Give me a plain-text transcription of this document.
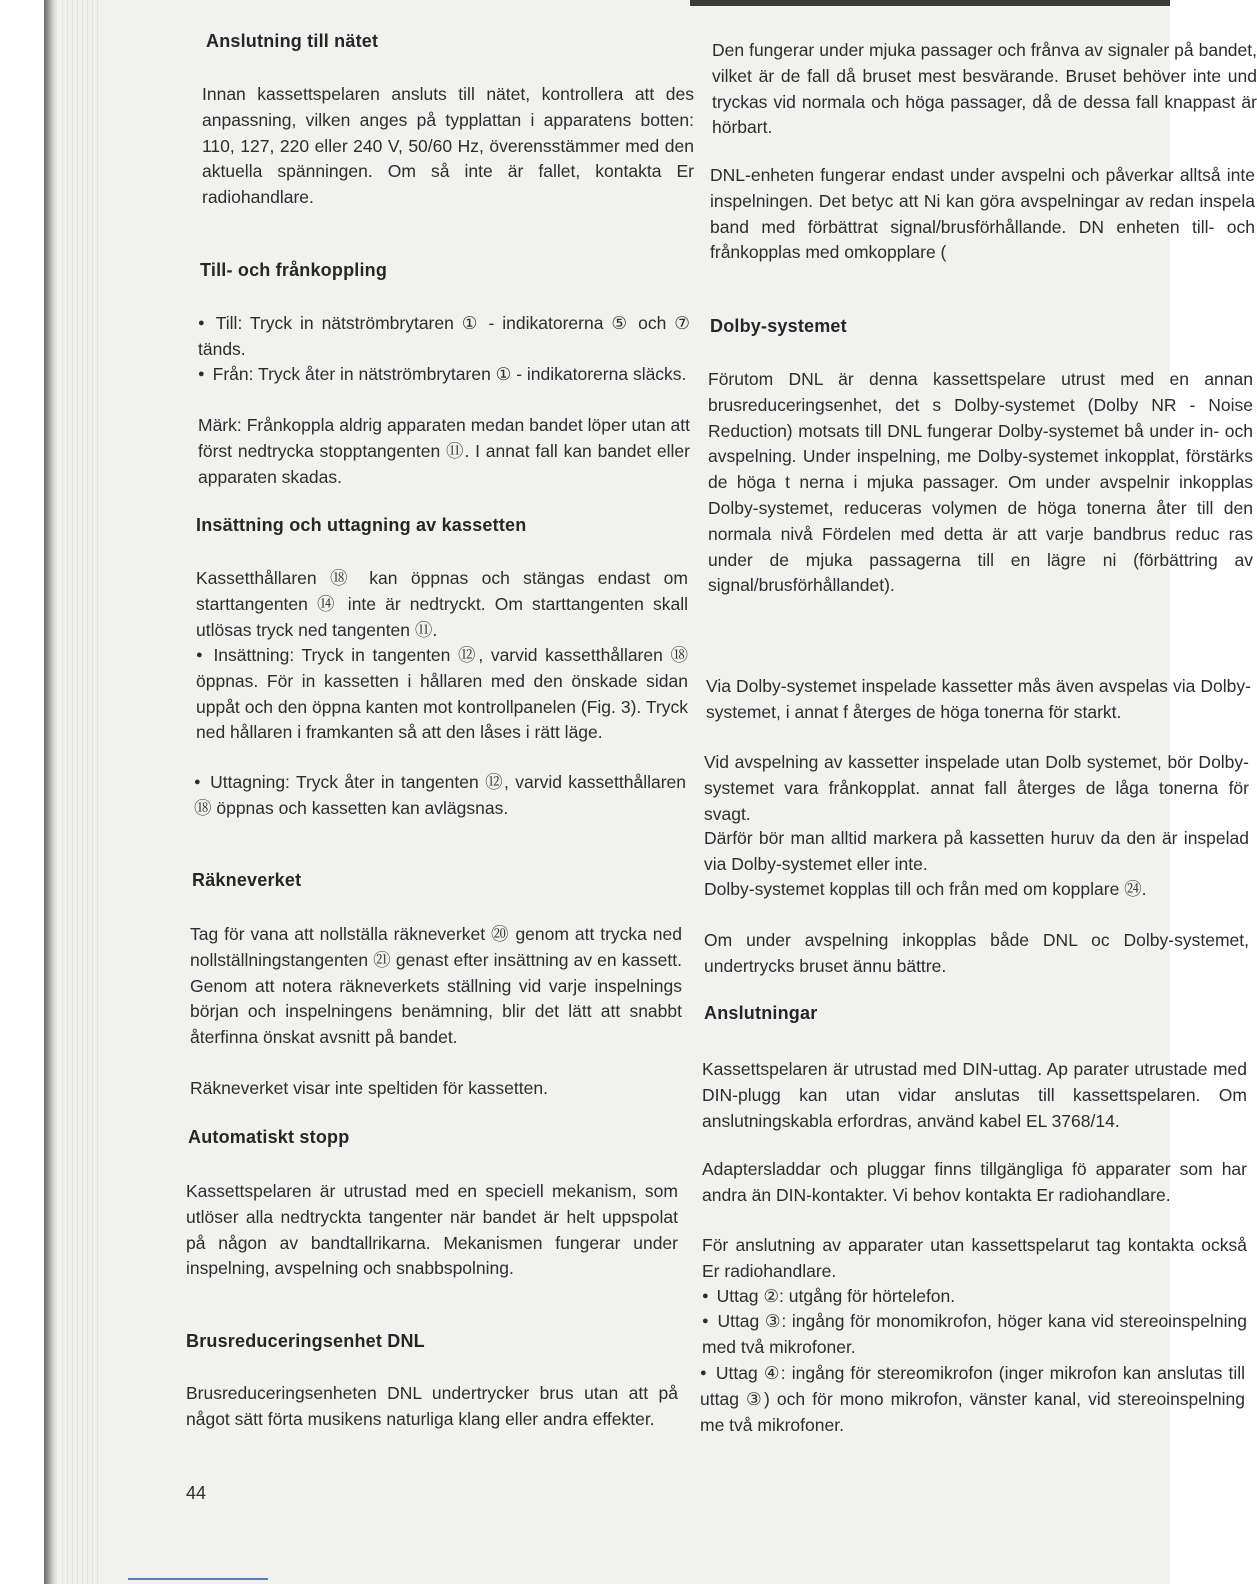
Anslutning till nätet

Innan kassettspelaren ansluts till nätet, kontrollera att des anpassning, vilken anges på typplattan i apparatens botten: 110, 127, 220 eller 240 V, 50/60 Hz, överensstämmer med den aktuella spänningen. Om så inte är fallet, kontakta Er radiohandlare.

Till- och frånkoppling

● Till: Tryck in nätströmbrytaren ① - indikatorerna ⑤ och ⑦ tänds.

● Från: Tryck åter in nätströmbrytaren ① - indikatorerna släcks.

Märk: Frånkoppla aldrig apparaten medan bandet löper utan att först nedtrycka stopptangenten ⑪. I annat fall kan bandet eller apparaten skadas.

Insättning och uttagning av kassetten

Kassetthållaren ⑱ kan öppnas och stängas endast om starttangenten ⑭ inte är nedtryckt. Om starttangenten skall utlösas tryck ned tangenten ⑪.

● Insättning: Tryck in tangenten ⑫, varvid kassetthållaren ⑱ öppnas. För in kassetten i hållaren med den önskade sidan uppåt och den öppna kanten mot kontrollpanelen (Fig. 3). Tryck ned hållaren i framkanten så att den låses i rätt läge.

● Uttagning: Tryck åter in tangenten ⑫, varvid kassetthållaren ⑱ öppnas och kassetten kan avlägsnas.

Räkneverket

Tag för vana att nollställa räkneverket ⑳ genom att trycka ned nollställningstangenten ㉑ genast efter insättning av en kassett. Genom att notera räkneverkets ställning vid varje inspelnings början och inspelningens benämning, blir det lätt att snabbt återfinna önskat avsnitt på bandet.

Räkneverket visar inte speltiden för kassetten.

Automatiskt stopp

Kassettspelaren är utrustad med en speciell mekanism, som utlöser alla nedtryckta tangenter när bandet är helt uppspolat på någon av bandtallrikarna. Mekanismen fungerar under inspelning, avspelning och snabbspolning.

Brusreduceringsenhet DNL

Brusreduceringsenheten DNL undertrycker brus utan att på något sätt förta musikens naturliga klang eller andra effekter.

44

Den fungerar under mjuka passager och frånva av signaler på bandet, vilket är de fall då bruset mest besvärande. Bruset behöver inte und tryckas vid normala och höga passager, då de dessa fall knappast är hörbart.

DNL-enheten fungerar endast under avspelni och påverkar alltså inte inspelningen. Det betyc att Ni kan göra avspelningar av redan inspela band med förbättrat signal/brusförhållande. DN enheten till- och frånkopplas med omkopplare (

Dolby-systemet

Förutom DNL är denna kassettspelare utrust med en annan brusreduceringsenhet, det s Dolby-systemet (Dolby NR - Noise Reduction) motsats till DNL fungerar Dolby-systemet bå under in- och avspelning. Under inspelning, me Dolby-systemet inkopplat, förstärks de höga t nerna i mjuka passager. Om under avspelnir inkopplas Dolby-systemet, reduceras volymen de höga tonerna åter till den normala nivå Fördelen med detta är att varje bandbrus reduc ras under de mjuka passagerna till en lägre ni (förbättring av signal/brusförhållandet).

Via Dolby-systemet inspelade kassetter mås även avspelas via Dolby-systemet, i annat f återges de höga tonerna för starkt.

Vid avspelning av kassetter inspelade utan Dolb systemet, bör Dolby-systemet vara frånkopplat. annat fall återges de låga tonerna för svagt.

Därför bör man alltid markera på kassetten huruv da den är inspelad via Dolby-systemet eller inte.

Dolby-systemet kopplas till och från med om kopplare ㉔.

Om under avspelning inkopplas både DNL oc Dolby-systemet, undertrycks bruset ännu bättre.

Anslutningar

Kassettspelaren är utrustad med DIN-uttag. Ap parater utrustade med DIN-plugg kan utan vidar anslutas till kassettspelaren. Om anslutningskabla erfordras, använd kabel EL 3768/14.

Adaptersladdar och pluggar finns tillgängliga fö apparater som har andra än DIN-kontakter. Vi behov kontakta Er radiohandlare.

För anslutning av apparater utan kassettspelarut tag kontakta också Er radiohandlare.

● Uttag ②: utgång för hörtelefon.

● Uttag ③: ingång för monomikrofon, höger kana vid stereoinspelning med två mikrofoner.

● Uttag ④: ingång för stereomikrofon (inger mikrofon kan anslutas till uttag ③) och för mono mikrofon, vänster kanal, vid stereoinspelning me två mikrofoner.
